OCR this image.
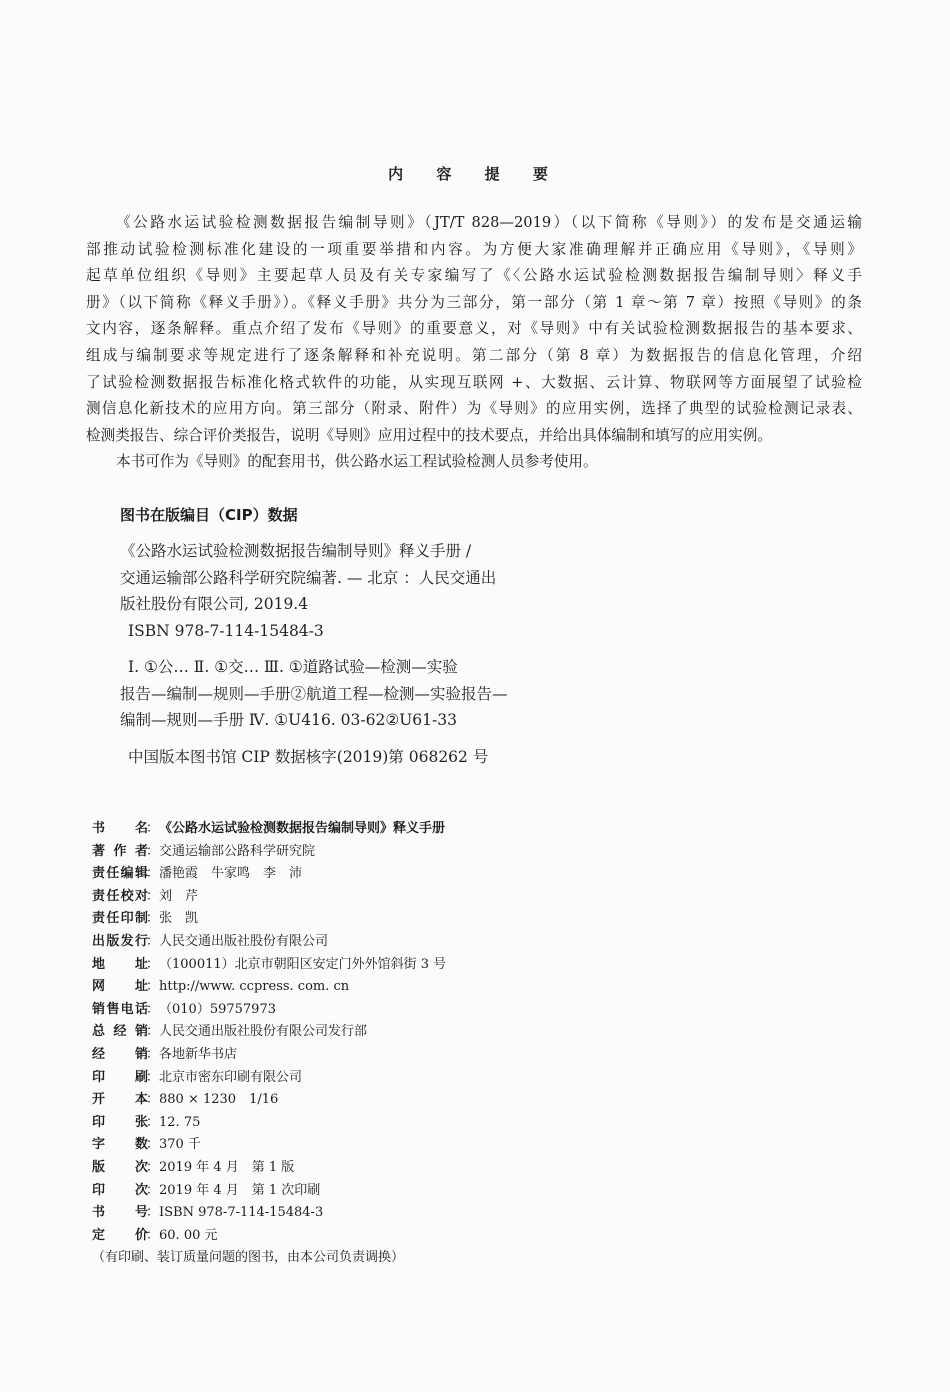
内 容 提 要
《公路水运试验检测数据报告编制导则》（JT/T 828—2019）（以下简称《导则》）的发布是交通运输
部推动试验检测标准化建设的一项重要举措和内容。为方便大家准确理解并正确应用《导则》，《导则》
起草单位组织《导则》主要起草人员及有关专家编写了《〈公路水运试验检测数据报告编制导则〉释义手
册》（以下简称《释义手册》）。《释义手册》共分为三部分，第一部分（第 1 章～第 7 章）按照《导则》的条
文内容，逐条解释。重点介绍了发布《导则》的重要意义，对《导则》中有关试验检测数据报告的基本要求、
组成与编制要求等规定进行了逐条解释和补充说明。第二部分（第 8 章）为数据报告的信息化管理，介绍
了试验检测数据报告标准化格式软件的功能，从实现互联网 +、大数据、云计算、物联网等方面展望了试验检
测信息化新技术的应用方向。第三部分（附录、附件）为《导则》的应用实例，选择了典型的试验检测记录表、
检测类报告、综合评价类报告，说明《导则》应用过程中的技术要点，并给出具体编制和填写的应用实例。
本书可作为《导则》的配套用书，供公路水运工程试验检测人员参考使用。
图书在版编目（CIP）数据
《公路水运试验检测数据报告编制导则》释义手册 /
交通运输部公路科学研究院编著. — 北京 ：人民交通出
版社股份有限公司, 2019.4
ISBN 978-7-114-15484-3
Ⅰ. ①公… Ⅱ. ①交… Ⅲ. ①道路试验—检测—实验
报告—编制—规则—手册②航道工程—检测—实验报告—
编制—规则—手册 Ⅳ. ①U416. 03-62②U61-33
中国版本图书馆 CIP 数据核字(2019)第 068262 号
书　名
： 《公路水运试验检测数据报告编制导则》释义手册
著 作 者
： 交通运输部公路科学研究院
责任编辑
： 潘艳霞　牛家鸣　李　沛
责任校对
： 刘　芹
责任印制
： 张　凯
出版发行
： 人民交通出版社股份有限公司
地　址
： （100011）北京市朝阳区安定门外外馆斜街 3 号
网　址
： http://www. ccpress. com. cn
销售电话
： （010）59757973
总 经 销
： 人民交通出版社股份有限公司发行部
经　销
： 各地新华书店
印　刷
： 北京市密东印刷有限公司
开　本
： 880 × 1230　1/16
印　张
： 12. 75
字　数
： 370 千
版　次
： 2019 年 4 月　第 1 版
印　次
： 2019 年 4 月　第 1 次印刷
书　号
： ISBN 978-7-114-15484-3
定　价
： 60. 00 元
（有印刷、装订质量问题的图书，由本公司负责调换）
